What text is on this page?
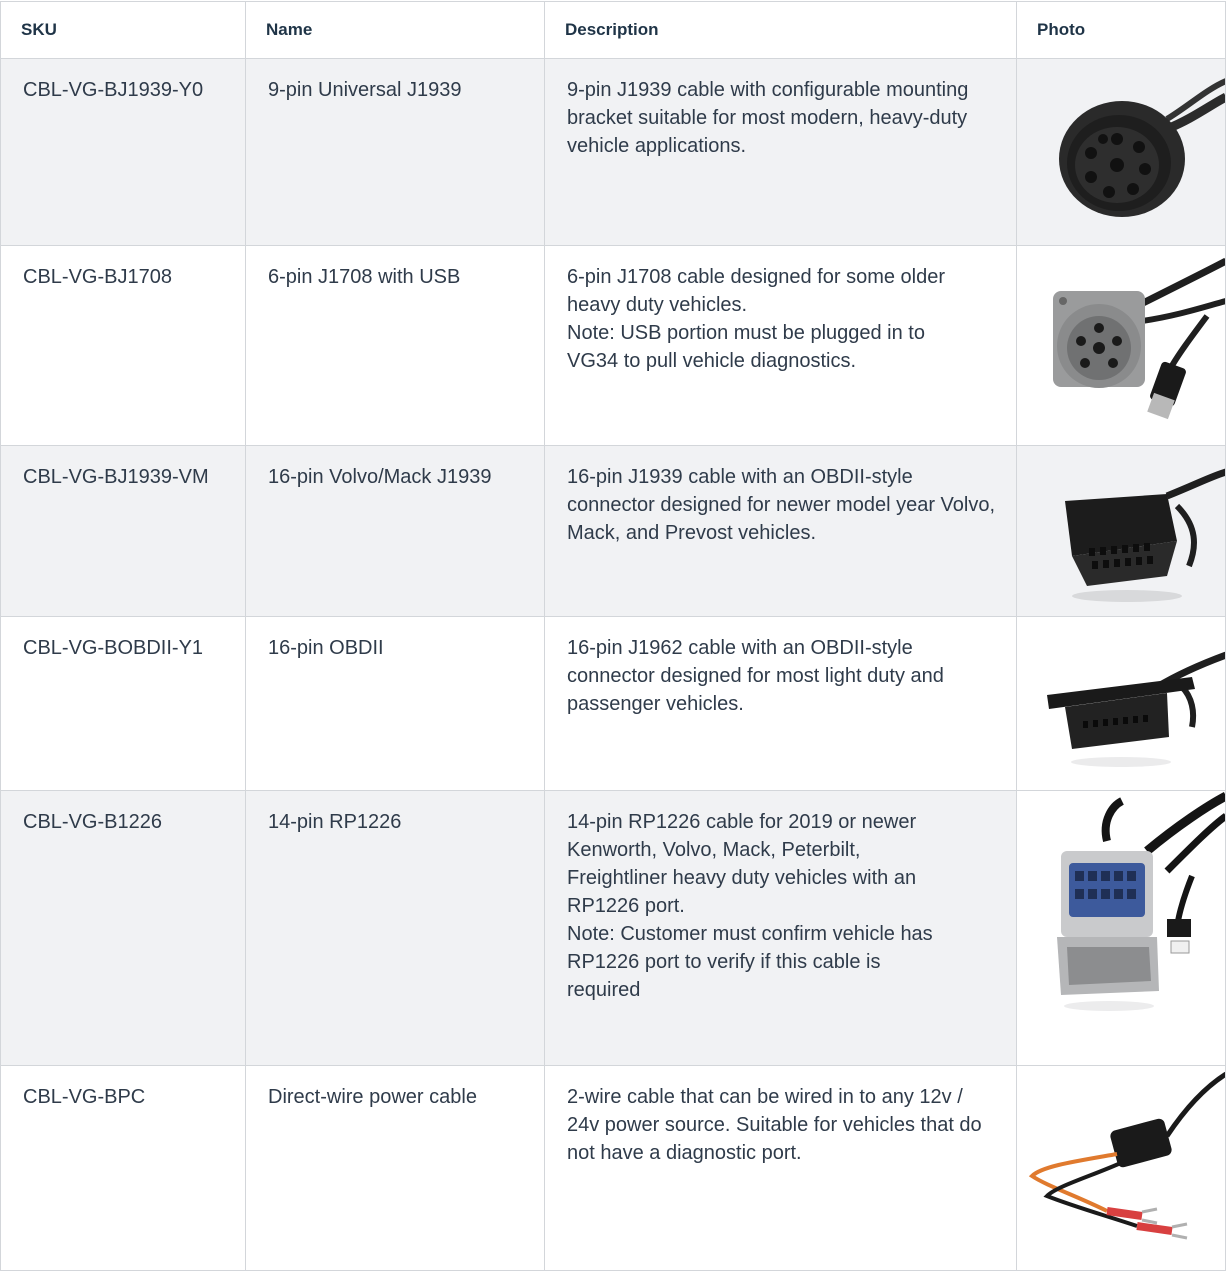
SKU	Name	Description	Photo
CBL-VG-BJ1939-Y0	9-pin Universal J1939	9-pin J1939 cable with configurable mounting bracket suitable for most modern, heavy-duty vehicle applications.

CBL-VG-BJ1708	6-pin J1708 with USB	6-pin J1708 cable designed for some older heavy duty vehicles.

Note: USB portion must be plugged in to VG34 to pull vehicle diagnostics.

CBL-VG-BJ1939-VM	16-pin Volvo/Mack J1939	16-pin J1939 cable with an OBDII-style connector designed for newer model year Volvo, Mack, and Prevost vehicles.

CBL-VG-BOBDII-Y1	16-pin OBDII	16-pin J1962 cable with an OBDII-style connector designed for most light duty and passenger vehicles.

CBL-VG-B1226	14-pin RP1226	14-pin RP1226 cable for 2019 or newer Kenworth, Volvo, Mack, Peterbilt, Freightliner heavy duty vehicles with an RP1226 port.

Note: Customer must confirm vehicle has RP1226 port to verify if this cable is required

CBL-VG-BPC	Direct-wire power cable	2-wire cable that can be wired in to any 12v / 24v power source. Suitable for vehicles that do not have a diagnostic port.
